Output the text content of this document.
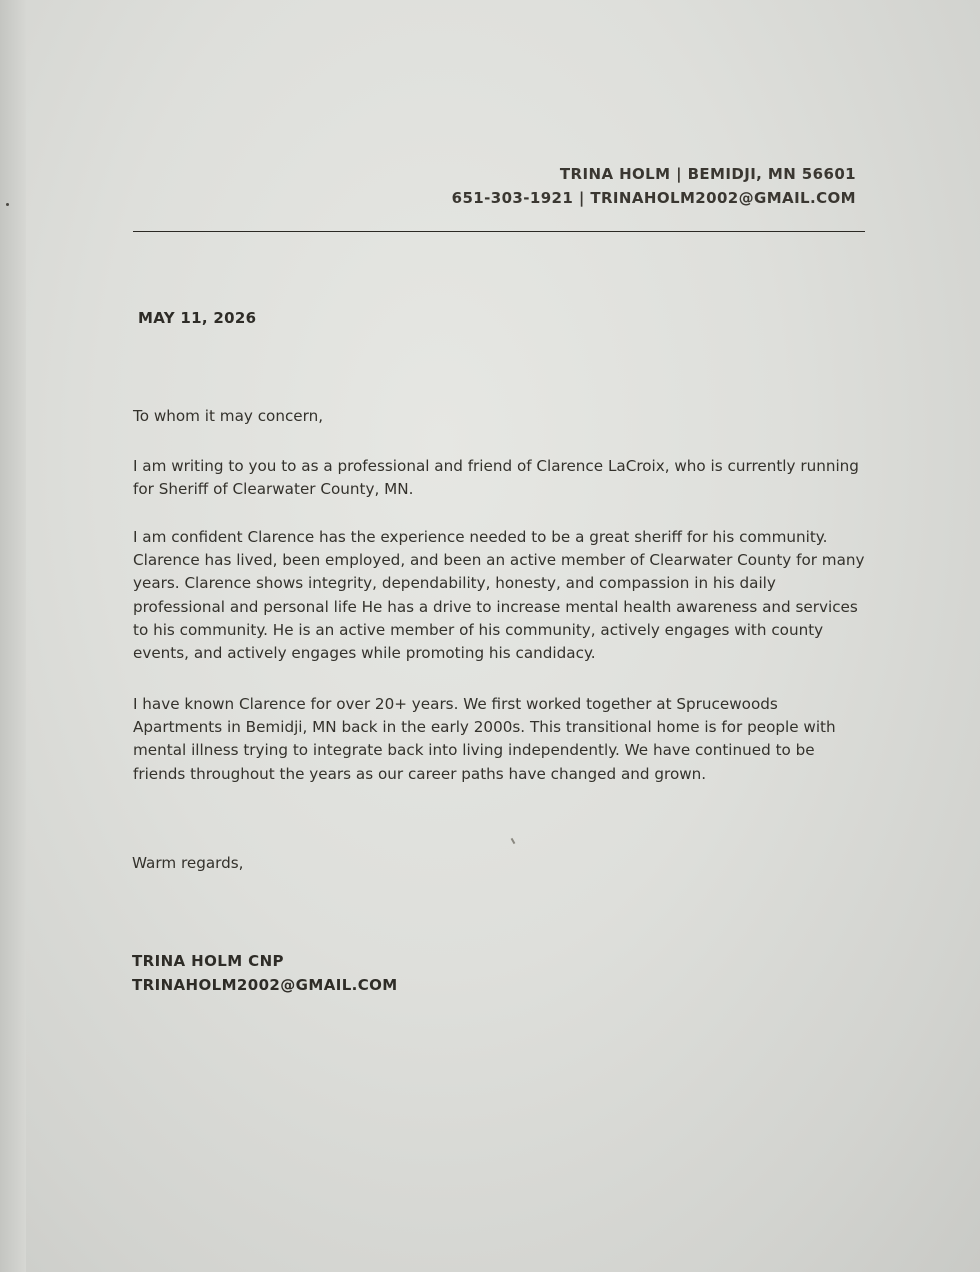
TRINA HOLM | BEMIDJI, MN 56601
651-303-1921 | TRINAHOLM2002@GMAIL.COM
MAY 11, 2026
To whom it may concern,
I am writing to you to as a professional and friend of Clarence LaCroix, who is currently running for Sheriff of Clearwater County, MN.
I am confident Clarence has the experience needed to be a great sheriff for his community. Clarence has lived, been employed, and been an active member of Clearwater County for many years. Clarence shows integrity, dependability, honesty, and compassion in his daily professional and personal life He has a drive to increase mental health awareness and services to his community. He is an active member of his community, actively engages with county events, and actively engages while promoting his candidacy.
I have known Clarence for over 20+ years. We first worked together at Sprucewoods Apartments in Bemidji, MN back in the early 2000s. This transitional home is for people with mental illness trying to integrate back into living independently. We have continued to be friends throughout the years as our career paths have changed and grown.
Warm regards,
TRINA HOLM CNP
TRINAHOLM2002@GMAIL.COM
